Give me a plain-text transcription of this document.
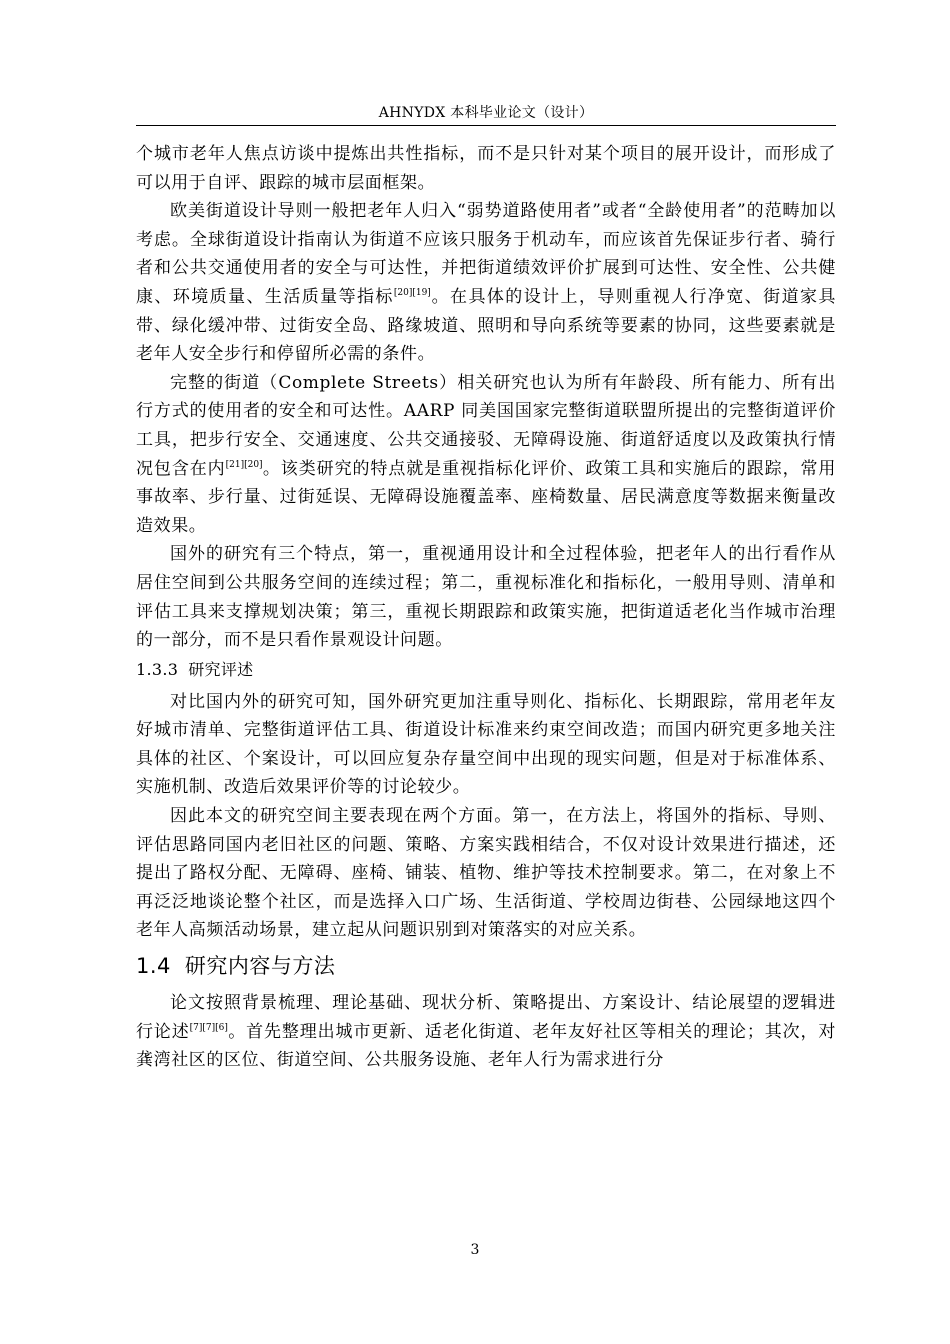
AHNYDX 本科毕业论文（设计）

个城市老年人焦点访谈中提炼出共性指标，而不是只针对某个项目的展开设计，而形成了可以用于自评、跟踪的城市层面框架。

欧美街道设计导则一般把老年人归入“弱势道路使用者”或者“全龄使用者”的范畴加以考虑。全球街道设计指南认为街道不应该只服务于机动车，而应该首先保证步行者、骑行者和公共交通使用者的安全与可达性，并把街道绩效评价扩展到可达性、安全性、公共健康、环境质量、生活质量等指标[20][19]。在具体的设计上，导则重视人行净宽、街道家具带、绿化缓冲带、过街安全岛、路缘坡道、照明和导向系统等要素的协同，这些要素就是老年人安全步行和停留所必需的条件。

完整的街道（Complete Streets）相关研究也认为所有年龄段、所有能力、所有出行方式的使用者的安全和可达性。AARP 同美国国家完整街道联盟所提出的完整街道评价工具，把步行安全、交通速度、公共交通接驳、无障碍设施、街道舒适度以及政策执行情况包含在内[21][20]。该类研究的特点就是重视指标化评价、政策工具和实施后的跟踪，常用事故率、步行量、过街延误、无障碍设施覆盖率、座椅数量、居民满意度等数据来衡量改造效果。

国外的研究有三个特点，第一，重视通用设计和全过程体验，把老年人的出行看作从居住空间到公共服务空间的连续过程；第二，重视标准化和指标化，一般用导则、清单和评估工具来支撑规划决策；第三，重视长期跟踪和政策实施，把街道适老化当作城市治理的一部分，而不是只看作景观设计问题。

1.3.3 研究评述

对比国内外的研究可知，国外研究更加注重导则化、指标化、长期跟踪，常用老年友好城市清单、完整街道评估工具、街道设计标准来约束空间改造；而国内研究更多地关注具体的社区、个案设计，可以回应复杂存量空间中出现的现实问题，但是对于标准体系、实施机制、改造后效果评价等的讨论较少。

因此本文的研究空间主要表现在两个方面。第一，在方法上，将国外的指标、导则、评估思路同国内老旧社区的问题、策略、方案实践相结合，不仅对设计效果进行描述，还提出了路权分配、无障碍、座椅、铺装、植物、维护等技术控制要求。第二，在对象上不再泛泛地谈论整个社区，而是选择入口广场、生活街道、学校周边街巷、公园绿地这四个老年人高频活动场景，建立起从问题识别到对策落实的对应关系。

1.4 研究内容与方法

论文按照背景梳理、理论基础、现状分析、策略提出、方案设计、结论展望的逻辑进行论述[7][7][6]。首先整理出城市更新、适老化街道、老年友好社区等相关的理论；其次，对龚湾社区的区位、街道空间、公共服务设施、老年人行为需求进行分

3
